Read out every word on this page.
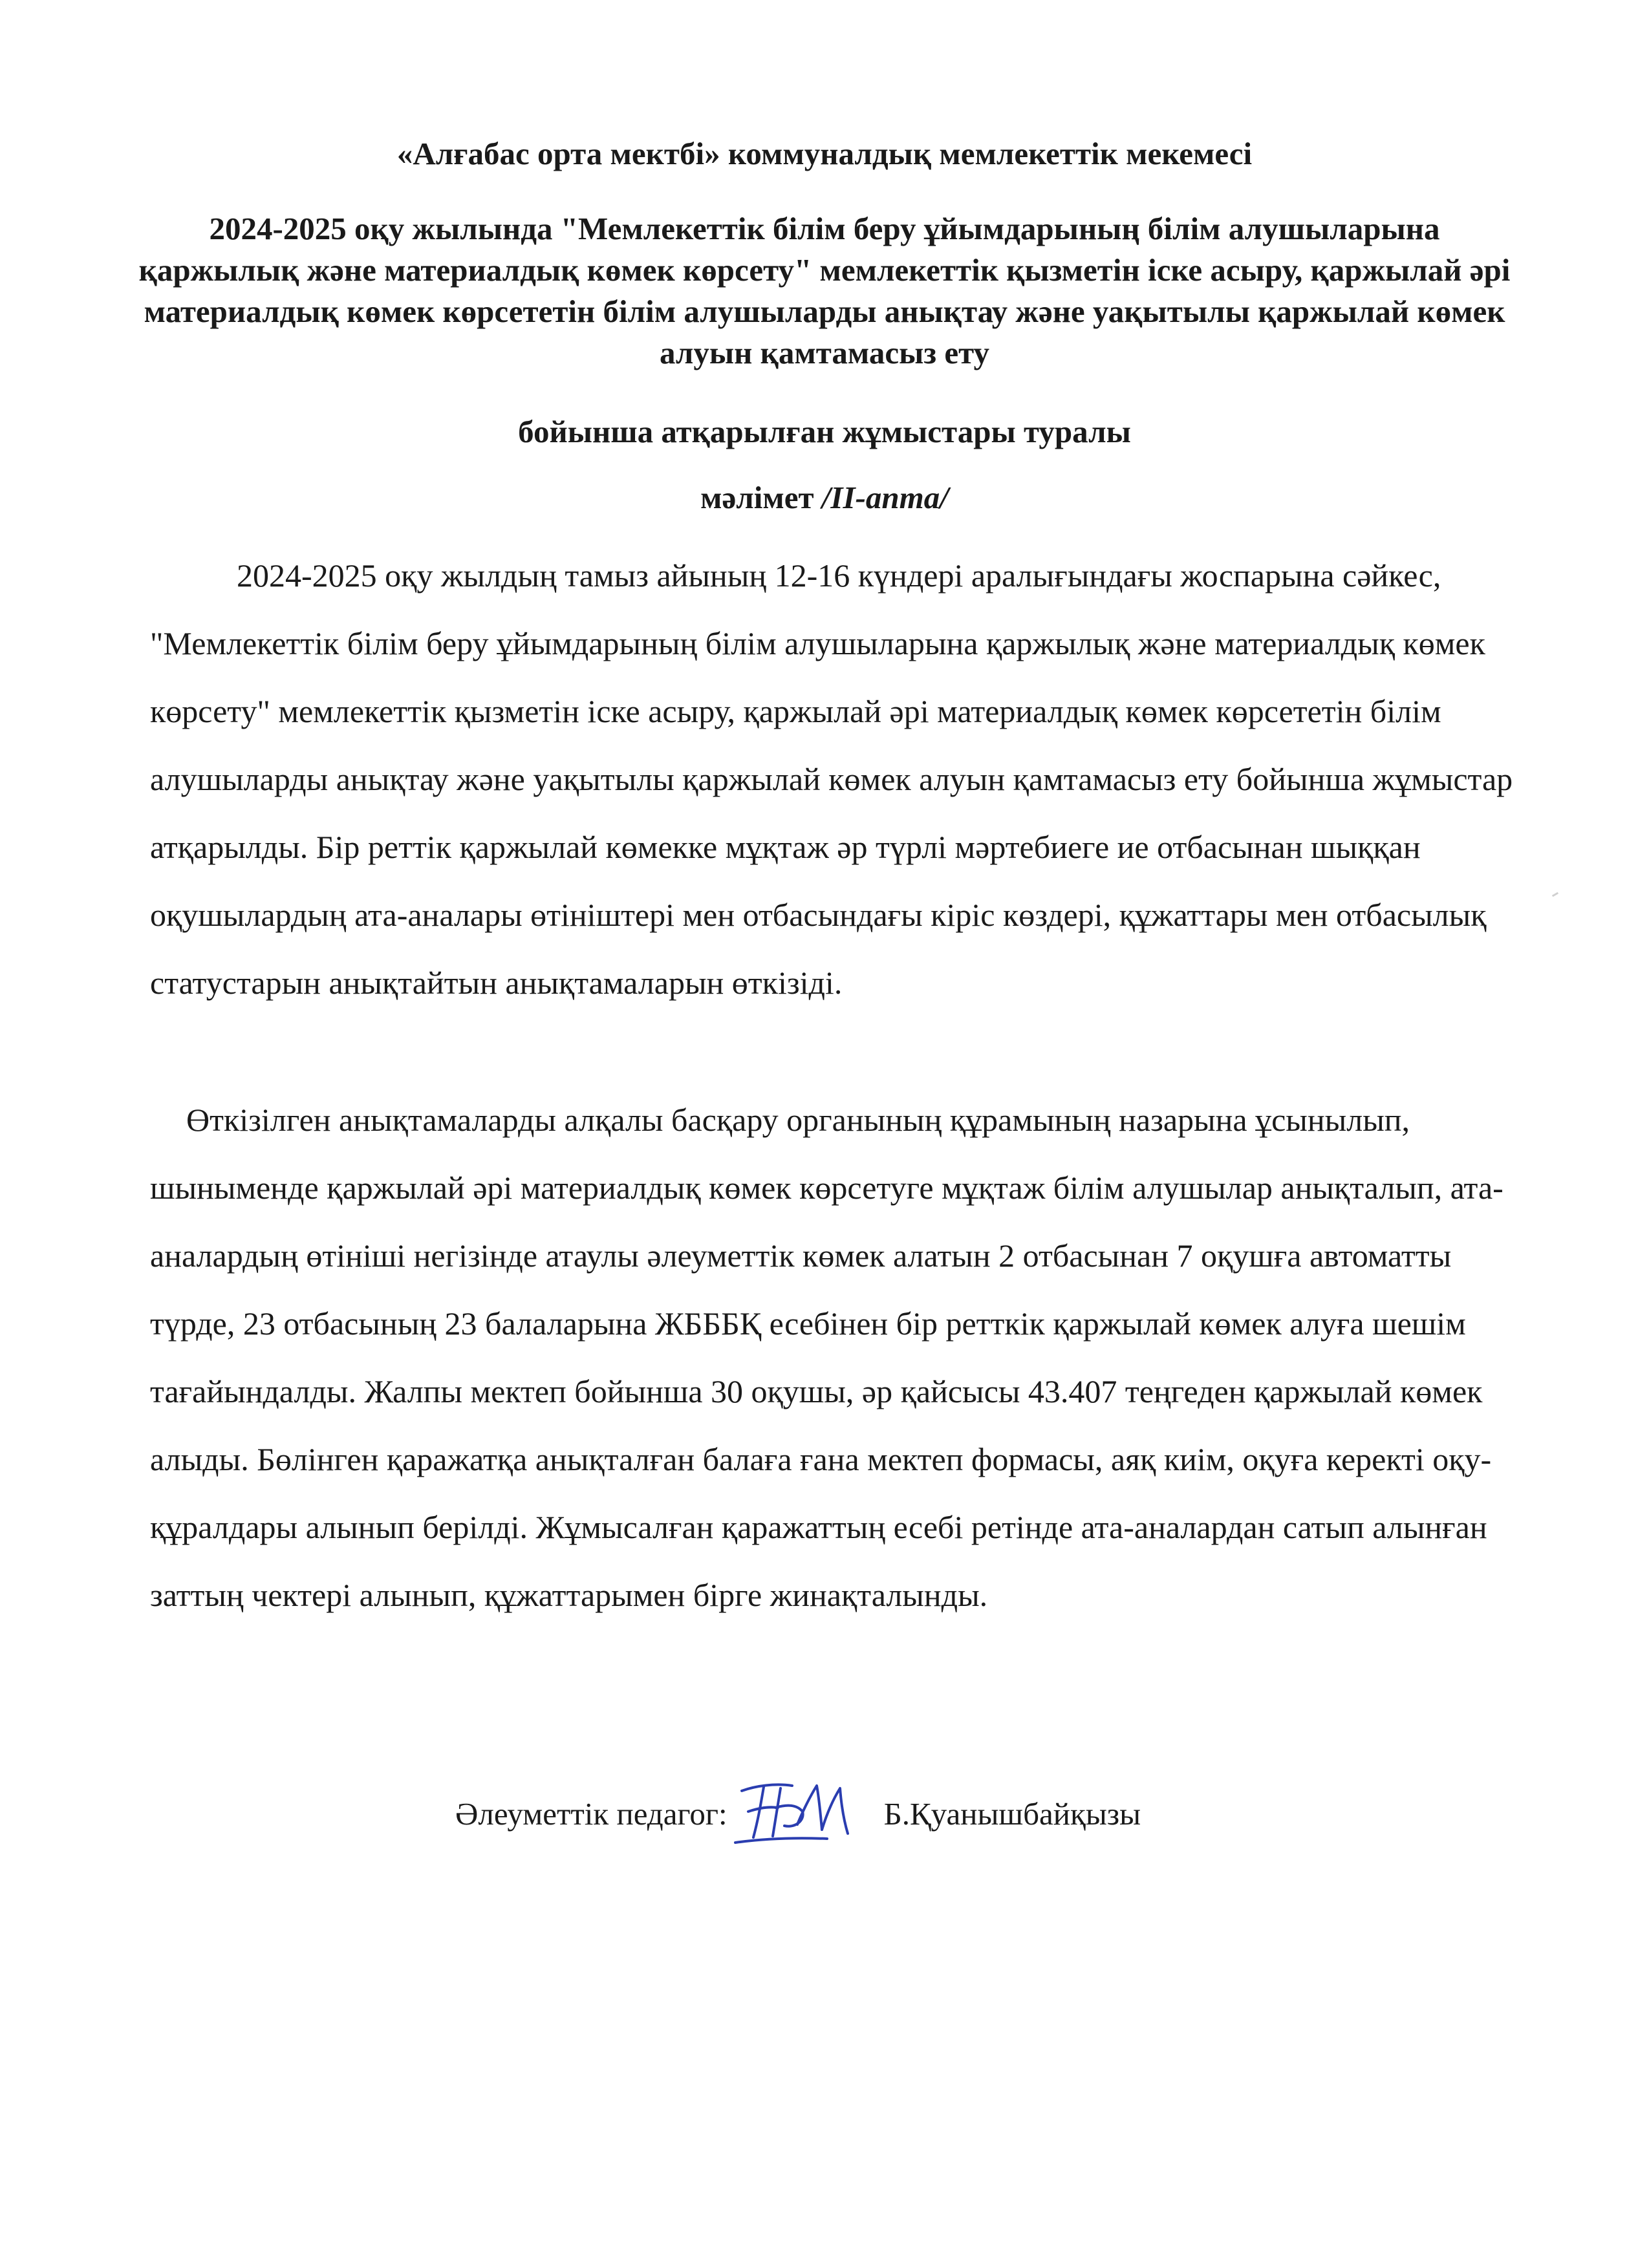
«Алғабас орта мектбі» коммуналдық мемлекеттік мекемесі

2024-2025 оқу жылында "Мемлекеттік білім беру ұйымдарының білім алушыларына қаржылық және материалдық көмек көрсету" мемлекеттік қызметін іске асыру, қаржылай әрі материалдық көмек көрсететін білім алушыларды анықтау және уақытылы қаржылай көмек алуын қамтамасыз ету

бойынша атқарылған жұмыстары туралы

мәлімет /II-апта/

2024-2025 оқу жылдың тамыз айының 12-16 күндері аралығындағы жоспарына сәйкес, "Мемлекеттік білім беру ұйымдарының білім алушыларына қаржылық және материалдық көмек көрсету" мемлекеттік қызметін іске асыру, қаржылай әрі материалдық көмек көрсететін білім алушыларды анықтау және уақытылы қаржылай көмек алуын қамтамасыз ету бойынша жұмыстар атқарылды. Бір реттік қаржылай көмекке мұқтаж әр түрлі мәртебиеге ие отбасынан шыққан оқушылардың ата-аналары өтініштері мен отбасындағы кіріс көздері, құжаттары мен отбасылық статустарын анықтайтын анықтамаларын өткізіді.

Өткізілген анықтамаларды алқалы басқару органының құрамының назарына ұсынылып, шынымендe қаржылай әрі материалдық көмек көрсетуге мұқтаж білім алушылар анықталып, ата-аналардың өтініші негізінде атаулы әлеуметтік көмек алатын 2 отбасынан 7 оқушға автоматты түрде, 23 отбасының 23 балаларына ЖБББҚ есебінен бір ретткік қаржылай көмек алуға шешім тағайындалды. Жалпы мектеп бойынша 30 оқушы, әр қайсысы 43.407 теңгеден қаржылай көмек алыды. Бөлінген қаражатқа анықталған балаға ғана мектеп формасы, аяқ киім, оқуға керекті оқу-құралдары алынып берілді. Жұмысалған қаражаттың есебі ретінде ата-аналардан сатып алынған заттың чектері алынып, құжаттарымен бірге жинақталынды.

Әлеуметтік педагог:	Б.Қуанышбайқызы
